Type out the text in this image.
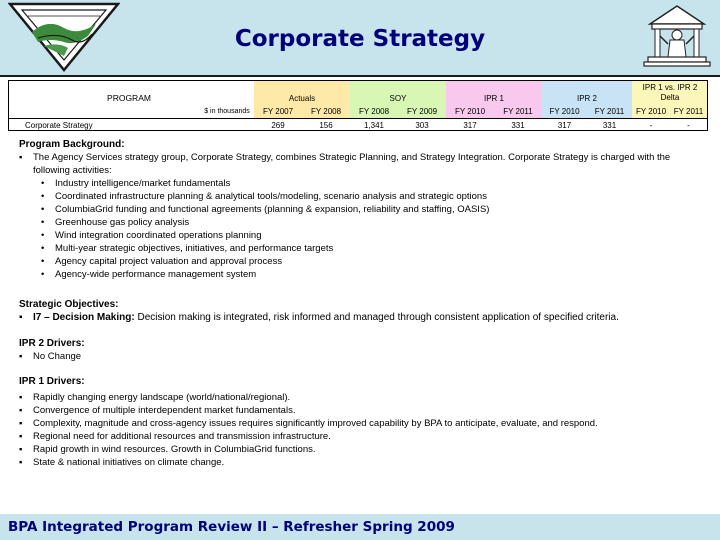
Corporate Strategy
PROGRAM
$ in thousands
Actuals	SOY	IPR 1	IPR 2
IPR 1 vs. IPR 2 Delta
FY 2007	FY 2008	FY 2008	FY 2009	FY 2010	FY 2011	FY 2010	FY 2011	FY 2010 FY 2011
Corporate Strategy	269	156	1,341	303	317	331	317	331	-	-
Program Background:
▪ The Agency Services strategy group, Corporate Strategy, combines Strategic Planning, and Strategy Integration. Corporate Strategy is charged with the following activities:
• Industry intelligence/market fundamentals
• Coordinated infrastructure planning & analytical tools/modeling, scenario analysis and strategic options
• ColumbiaGrid funding and functional agreements (planning & expansion, reliability and staffing, OASIS)
• Greenhouse gas policy analysis
• Wind integration coordinated operations planning
• Multi-year strategic objectives, initiatives, and performance targets
• Agency capital project valuation and approval process
• Agency-wide performance management system
Strategic Objectives:
▪ I7 – Decision Making: Decision making is integrated, risk informed and managed through consistent application of specified criteria.
IPR 2 Drivers:
▪ No Change
IPR 1 Drivers:
▪ Rapidly changing energy landscape (world/national/regional).
▪ Convergence of multiple interdependent market fundamentals.
▪ Complexity, magnitude and cross-agency issues requires significantly improved capability by BPA to anticipate, evaluate, and respond.
▪ Regional need for additional resources and transmission infrastructure.
▪ Rapid growth in wind resources. Growth in ColumbiaGrid functions.
▪ State & national initiatives on climate change.
BPA Integrated Program Review II – Refresher Spring 2009
